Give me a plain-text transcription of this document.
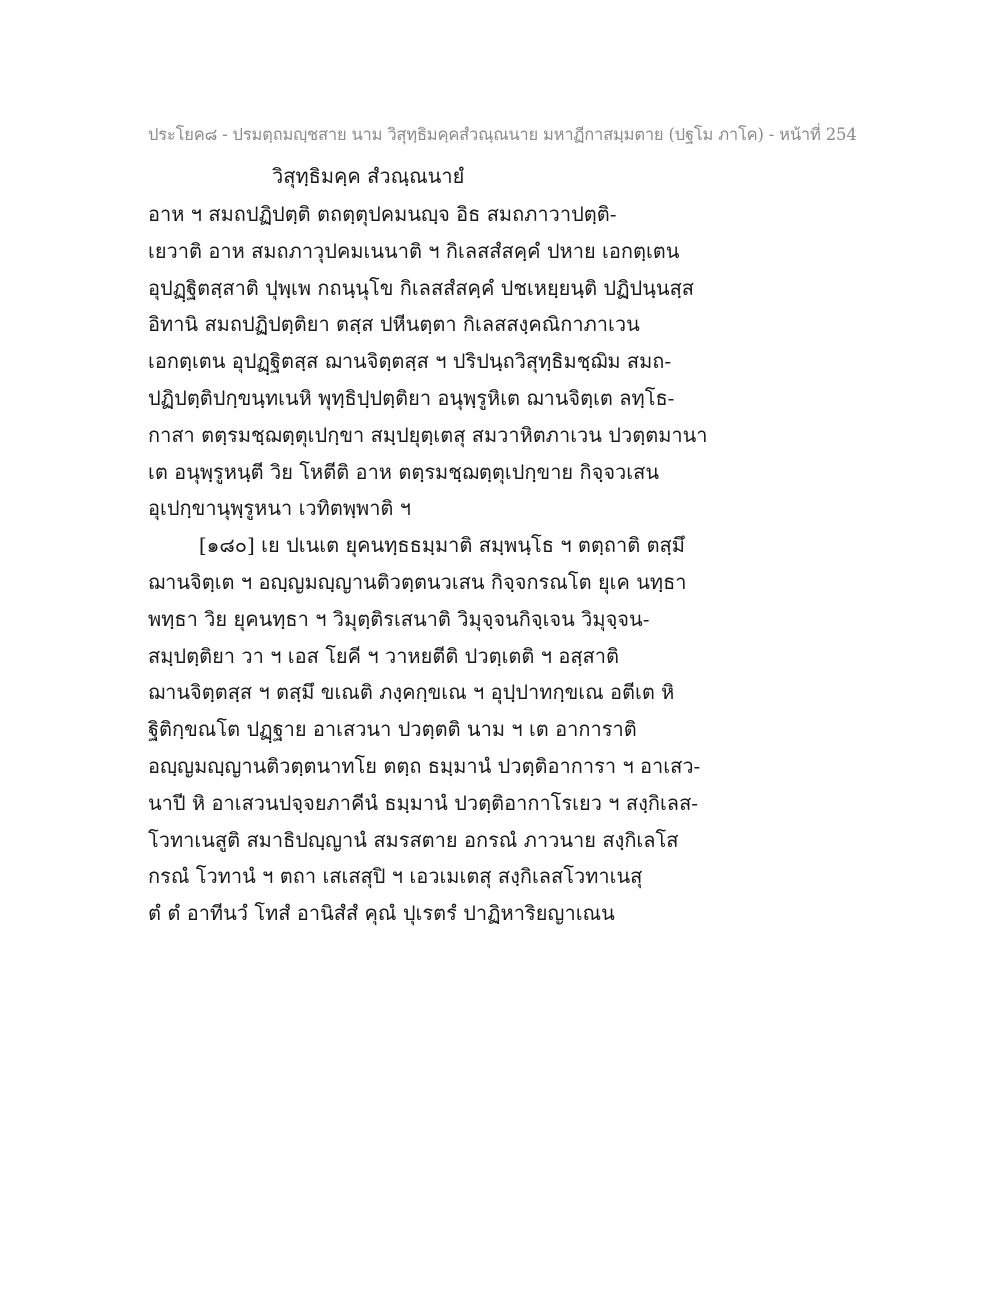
ประโยค๘ - ปรมตฺถมญฺชสาย นาม วิสุทฺธิมคฺคสํวณฺณนาย มหาฏีกาสมฺมตาย (ปฐโม ภาโค) - หน้าที่ 254
วิสุทฺธิมคฺค สํวณฺณนายํ
อาห ฯ สมถปฏิปตฺติ ตถตฺตุปคมนญฺจ อิธ สมถภาวาปตฺติ-
เยวาติ อาห สมถภาวุปคมเนนาติ ฯ กิเลสสํสคฺคํ ปหาย เอกตฺเตน
อุปฏฺฐิตสฺสาติ ปุพฺเพ กถนฺนุโข กิเลสสํสคฺคํ ปชเหยฺยนฺติ ปฏิปนฺนสฺส
อิทานิ สมถปฏิปตฺติยา ตสฺส ปหีนตฺตา กิเลสสงฺคณิกาภาเวน
เอกตฺเตน อุปฏฺฐิตสฺส ฌานจิตฺตสฺส ฯ ปริปนฺถวิสุทฺธิมชฺฌิม สมถ-
ปฏิปตฺติปกฺขนฺทเนหิ พุทฺธิปฺปตฺติยา อนุพฺรูหิเต ฌานจิตฺเต ลทฺโธ-
กาสา ตตฺรมชฺฌตฺตุเปกฺขา สมฺปยุตฺเตสุ สมวาหิตภาเวน ปวตฺตมานา
เต อนุพฺรูหนฺตี วิย โหตีติ อาห ตตฺรมชฺฌตฺตุเปกฺขาย กิจฺจวเสน
อุเปกฺขานุพฺรูหนา เวทิตพฺพาติ ฯ
[๑๘๐] เย ปเนเต ยุคนทฺธธมฺมาติ สมฺพนฺโธ ฯ ตตฺถาติ ตสฺมึ
ฌานจิตฺเต ฯ อญฺญมญฺญานติวตฺตนวเสน กิจฺจกรณโต ยุเค นทฺธา
พทฺธา วิย ยุคนทฺธา ฯ วิมุตฺติรเสนาติ วิมุจฺจนกิจฺเจน วิมุจฺจน-
สมฺปตฺติยา วา ฯ เอส โยคี ฯ วาหยตีติ ปวตฺเตติ ฯ อสฺสาติ
ฌานจิตฺตสฺส ฯ ตสฺมึ ขเณติ ภงฺคกฺขเณ ฯ อุปฺปาทกฺขเณ อตีเต หิ
ฐิติกฺขณโต ปฏฺฐาย อาเสวนา ปวตฺตติ นาม ฯ เต อาการาติ
อญฺญมญฺญานติวตฺตนาทโย ตตฺถ ธมฺมานํ ปวตฺติอาการา ฯ อาเสว-
นาปี หิ อาเสวนปจฺจยภาคีนํ ธมฺมานํ ปวตฺติอากาโรเยว ฯ สงฺกิเลส-
โวทาเนสูติ สมาธิปญฺญานํ สมรสตาย อกรณํ ภาวนาย สงฺกิเลโส
กรณํ โวทานํ ฯ ตถา เสเสสุปิ ฯ เอวเมเตสุ สงฺกิเลสโวทาเนสุ
ตํ ตํ อาทีนวํ โทสํ อานิสํสํ คุณํ ปุเรตรํ ปาฏิหาริยญาเณน
